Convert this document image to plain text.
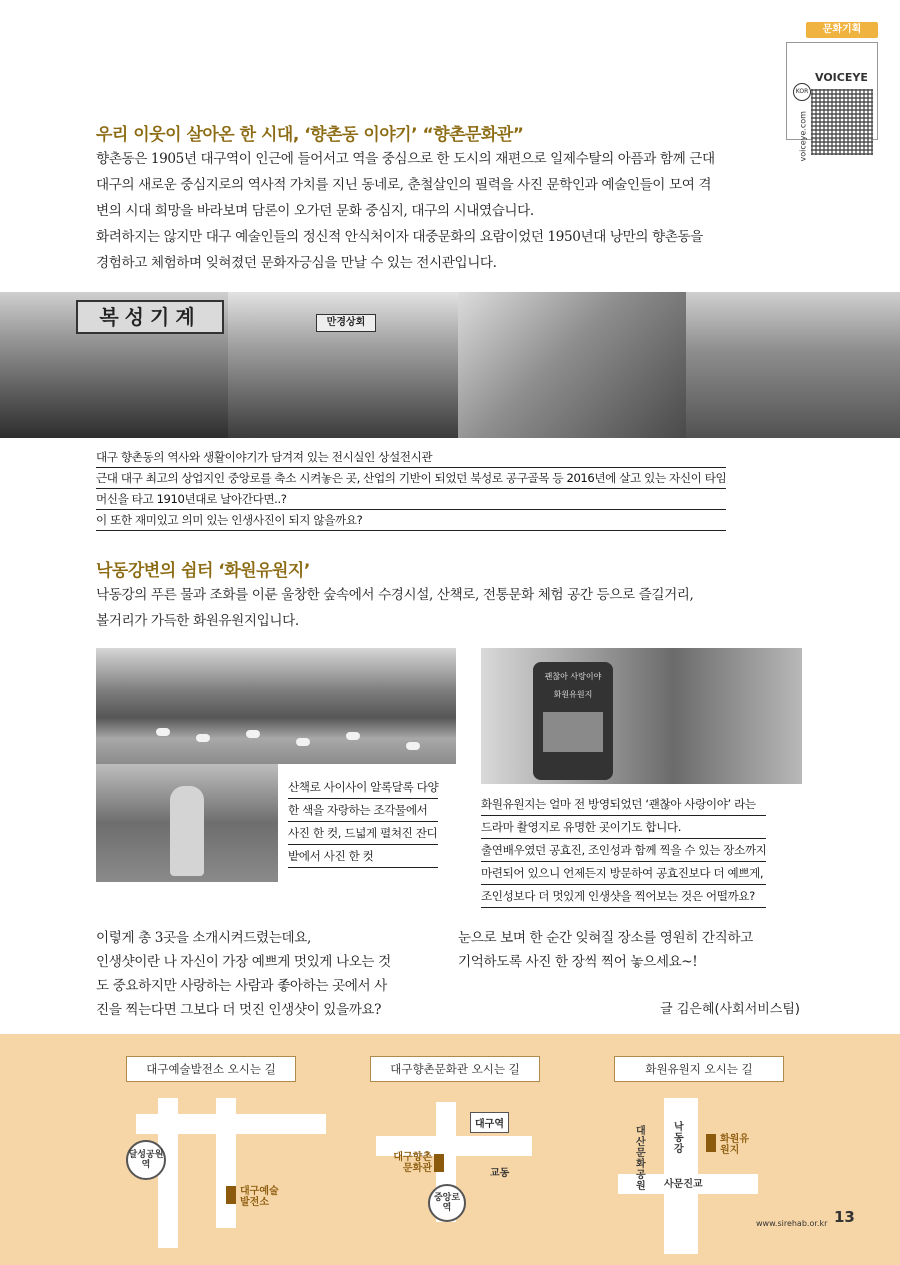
문화기획
KOR
VOICEYE
voiceye.com
우리 이웃이 살아온 한 시대, ‘향촌동 이야기’ “향촌문화관”

향촌동은 1905년 대구역이 인근에 들어서고 역을 중심으로 한 도시의 재편으로 일제수탈의 아픔과 함께 근대
대구의 새로운 중심지로의 역사적 가치를 지닌 동네로, 춘철살인의 필력을 사진 문학인과 예술인들이 모여 격
변의 시대 희망을 바라보며 담론이 오가던 문화 중심지, 대구의 시내였습니다.
화려하지는 않지만 대구 예술인들의 정신적 안식처이자 대중문화의 요람이었던 1950년대 낭만의 향촌동을
경험하고 체험하며 잊혀졌던 문화자긍심을 만날 수 있는 전시관입니다.

복성기계	만경상회
대구 향촌동의 역사와 생활이야기가 담겨져 있는 전시실인 상설전시관
근대 대구 최고의 상업지인 중앙로를 축소 시켜놓은 곳, 산업의 기반이 되었던 북성로 공구골목 등 2016년에 살고 있는 자신이 타임
머신을 타고 1910년대로 날아간다면..?
이 또한 재미있고 의미 있는 인생사진이 되지 않을까요?
낙동강변의 쉼터 ‘화원유원지’

낙동강의 푸른 물과 조화를 이룬 울창한 숲속에서 수경시설, 산책로, 전통문화 체험 공간 등으로 즐길거리,
볼거리가 가득한 화원유원지입니다.

산책로 사이사이 알록달록 다양
한 색을 자랑하는 조각물에서
사진 한 컷, 드넓게 펼쳐진 잔디
밭에서 사진 한 컷
괜찮아 사랑이야
화원유원지
화원유원지는 얼마 전 방영되었던 ‘괜찮아 사랑이야’ 라는
드라마 촬영지로 유명한 곳이기도 합니다.
출연배우였던 공효진, 조인성과 함께 찍을 수 있는 장소까지
마련되어 있으니 언제든지 방문하여 공효진보다 더 예쁘게,
조인성보다 더 멋있게 인생샷을 찍어보는 것은 어떨까요?

이렇게 총 3곳을 소개시켜드렸는데요,
인생샷이란 나 자신이 가장 예쁘게 멋있게 나오는 것
도 중요하지만 사랑하는 사람과 좋아하는 곳에서 사
진을 찍는다면 그보다 더 멋진 인생샷이 있을까요?

눈으로 보며 한 순간 잊혀질 장소를 영원히 간직하고
기억하도록 사진 한 장씩 찍어 놓으세요~!

글 김은혜(사회서비스팀)
대구예술발전소 오시는 길
달성공원역
대구예술발전소
대구향촌문화관 오시는 길
대구역
대구향촌문화관	교동
중앙로역
화원유원지 오시는 길
낙동강
대산문화공원
화원유원지
사문진교
www.sirehab.or.kr 13
